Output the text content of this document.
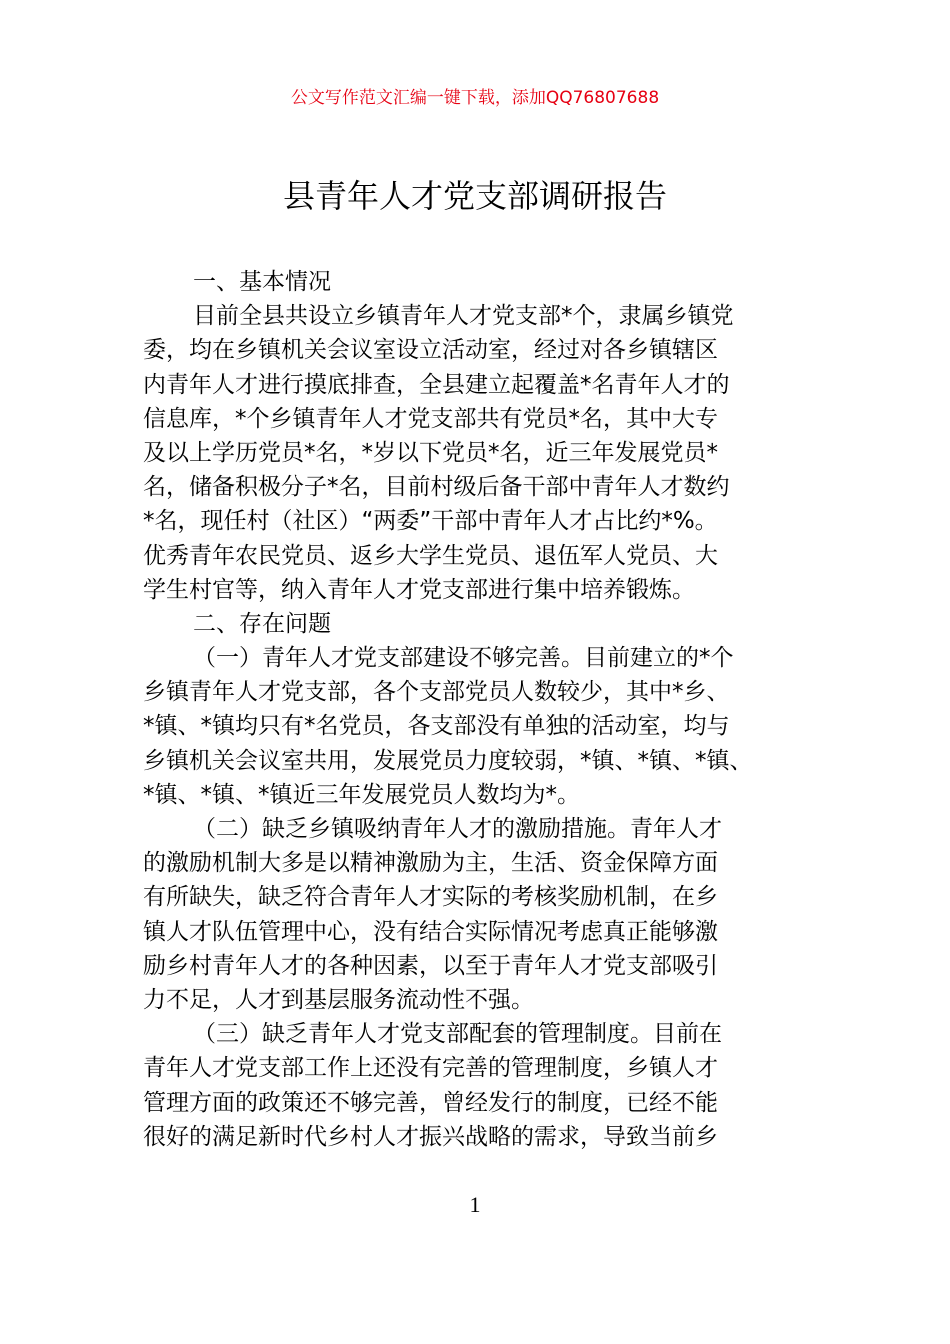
公文写作范文汇编一键下载，添加QQ76807688
县青年人才党支部调研报告
一、基本情况
目前全县共设立乡镇青年人才党支部*个，隶属乡镇党
委，均在乡镇机关会议室设立活动室，经过对各乡镇辖区
内青年人才进行摸底排查，全县建立起覆盖*名青年人才的
信息库，*个乡镇青年人才党支部共有党员*名，其中大专
及以上学历党员*名，*岁以下党员*名，近三年发展党员*
名，储备积极分子*名，目前村级后备干部中青年人才数约
*名，现任村（社区）“两委”干部中青年人才占比约*%。
优秀青年农民党员、返乡大学生党员、退伍军人党员、大
学生村官等，纳入青年人才党支部进行集中培养锻炼。
二、存在问题
（一）青年人才党支部建设不够完善。目前建立的*个
乡镇青年人才党支部，各个支部党员人数较少，其中*乡、
*镇、*镇均只有*名党员，各支部没有单独的活动室，均与
乡镇机关会议室共用，发展党员力度较弱，*镇、*镇、*镇、
*镇、*镇、*镇近三年发展党员人数均为*。
（二）缺乏乡镇吸纳青年人才的激励措施。青年人才
的激励机制大多是以精神激励为主，生活、资金保障方面
有所缺失，缺乏符合青年人才实际的考核奖励机制，在乡
镇人才队伍管理中心，没有结合实际情况考虑真正能够激
励乡村青年人才的各种因素，以至于青年人才党支部吸引
力不足，人才到基层服务流动性不强。
（三）缺乏青年人才党支部配套的管理制度。目前在
青年人才党支部工作上还没有完善的管理制度，乡镇人才
管理方面的政策还不够完善，曾经发行的制度，已经不能
很好的满足新时代乡村人才振兴战略的需求，导致当前乡
1
